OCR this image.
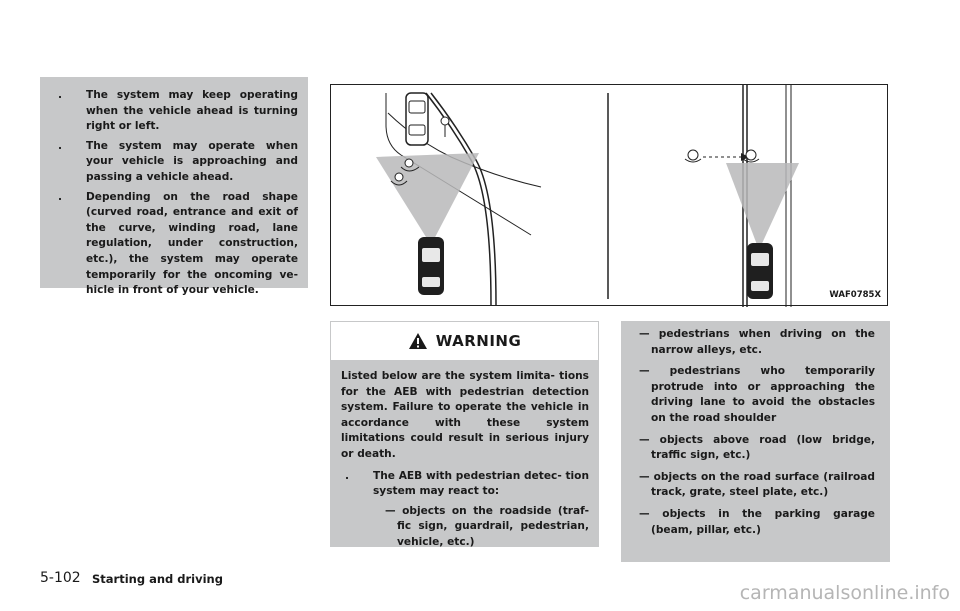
. The system may keep operating when the vehicle ahead is turning right or left.
. The system may operate when your vehicle is approaching and passing a vehicle ahead.
. Depending on the road shape (curved road, entrance and exit of the curve, winding road, lane regulation, under construction, etc.), the system may operate temporarily for the oncoming ve- hicle in front of your vehicle.	WAF0785X
WARNING
Listed below are the system limita- tions for the AEB with pedestrian detection system. Failure to operate the vehicle in accordance with these system limitations could result in serious injury or death.
. The AEB with pedestrian detec- tion system may react to:
— objects on the roadside (traf- fic sign, guardrail, pedestrian, vehicle, etc.)
— pedestrians when driving on the narrow alleys, etc.
— pedestrians who temporarily protrude into or approaching the driving lane to avoid the obstacles on the road shoulder
— objects above road (low bridge, traffic sign, etc.)
— objects on the road surface (railroad track, grate, steel plate, etc.)
— objects in the parking garage (beam, pillar, etc.)
5-102 Starting and driving
carmanualsonline.info
